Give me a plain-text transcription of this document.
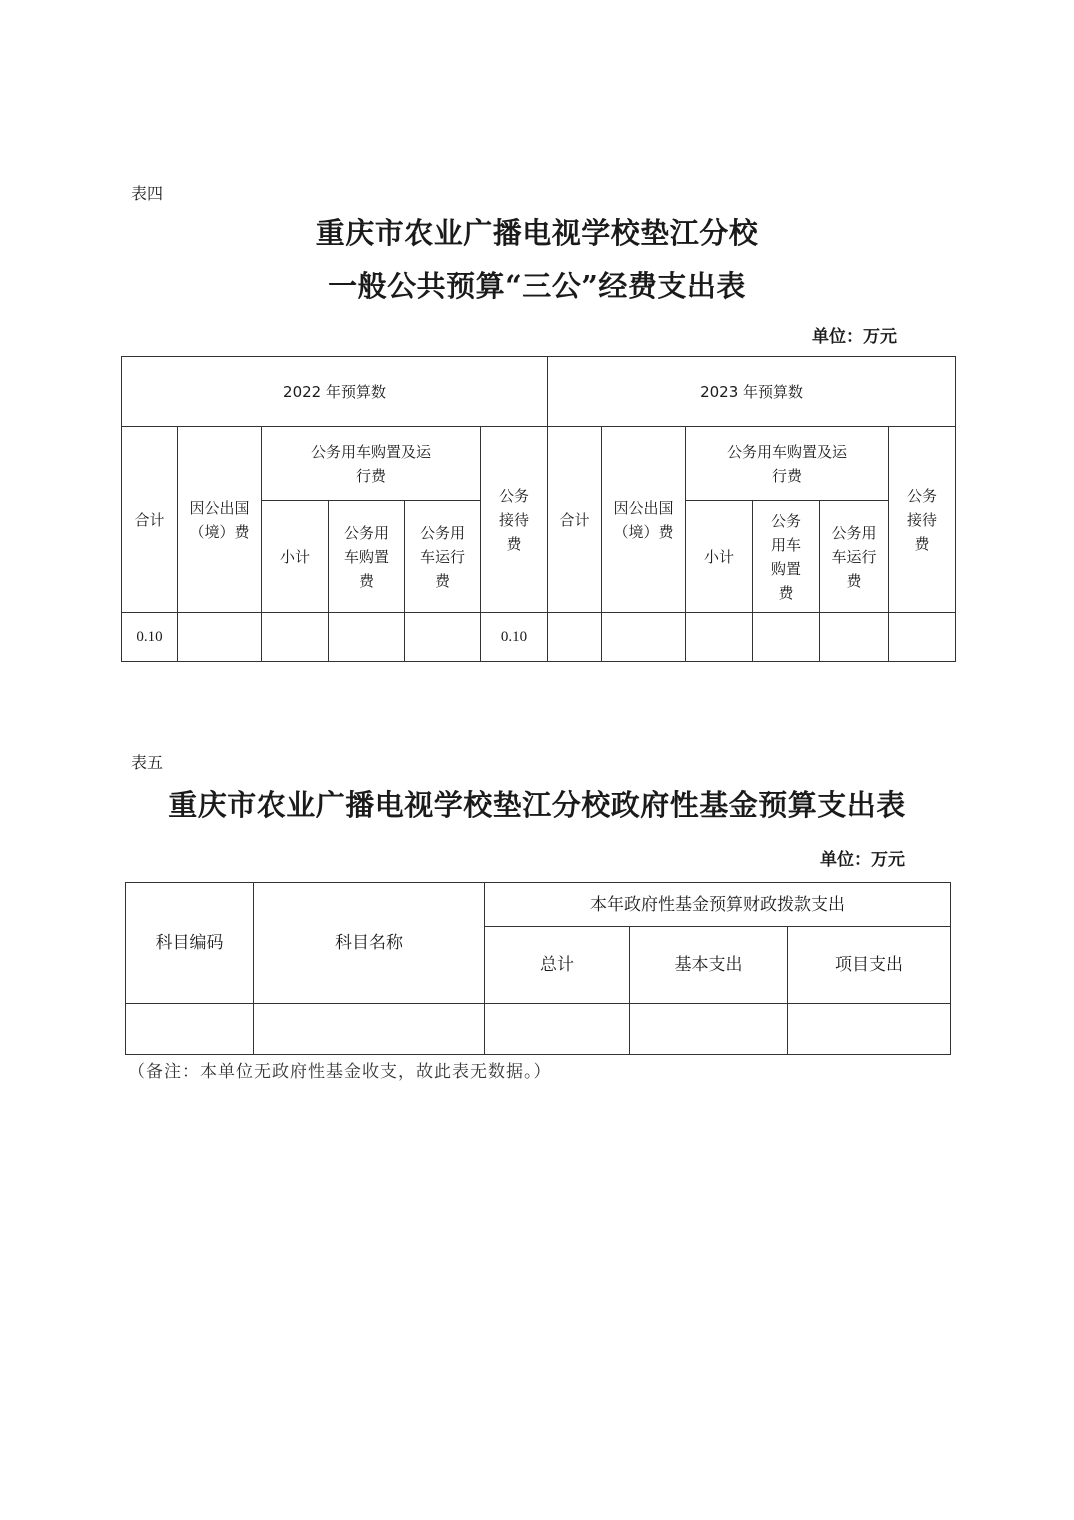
表四
重庆市农业广播电视学校垫江分校
一般公共预算“三公”经费支出表
单位：万元
2022 年预算数						2023 年预算数					
合计	因公出国（境）费	公务用车购置及运行费			公务接待费	合计	因公出国（境）费	公务用车购置及运行费			公务接待费

		小计	公务用车购置费	公务用车运行费				小计	公务用车购置费	公务用车运行费	

0.10					0.10						
表五
重庆市农业广播电视学校垫江分校政府性基金预算支出表
单位：万元
科目编码	科目名称	本年政府性基金预算财政拨款支出		
		总计	基本支出	项目支出

（备注：本单位无政府性基金收支，故此表无数据。）
